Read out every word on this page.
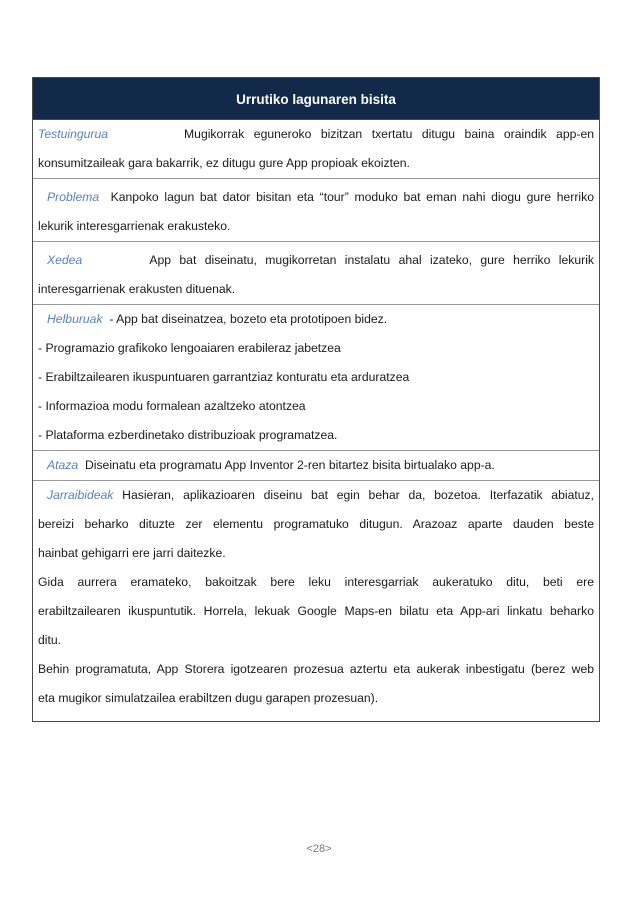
Urrutiko lagunaren bisita
Testuingurua	Mugikorrak eguneroko bizitzan txertatu ditugu baina oraindik app-en
konsumitzaileak gara bakarrik, ez ditugu gure App propioak ekoizten.
Problema Kanpoko lagun bat dator bisitan eta “tour” moduko bat eman nahi diogu gure herriko
lekurik interesgarrienak erakusteko.
Xedea	App bat diseinatu, mugikorretan instalatu ahal izateko, gure herriko lekurik
interesgarrienak erakusten dituenak.
Helburuak - App bat diseinatzea, bozeto eta prototipoen bidez.
- Programazio grafikoko lengoaiaren erabileraz jabetzea
- Erabiltzailearen ikuspuntuaren garrantziaz konturatu eta arduratzea
- Informazioa modu formalean azaltzeko atontzea
- Plataforma ezberdinetako distribuzioak programatzea.
Ataza Diseinatu eta programatu App Inventor 2-ren bitartez bisita birtualako app-a.
Jarraibideak Hasieran, aplikazioaren diseinu bat egin behar da, bozetoa. Iterfazatik abiatuz,
bereizi beharko dituzte zer elementu programatuko ditugun. Arazoaz aparte dauden beste
hainbat gehigarri ere jarri daitezke.
Gida aurrera eramateko, bakoitzak bere leku interesgarriak aukeratuko ditu, beti ere
erabiltzailearen ikuspuntutik. Horrela, lekuak Google Maps-en bilatu eta App-ari linkatu beharko
ditu.
Behin programatuta, App Storera igotzearen prozesua aztertu eta aukerak inbestigatu (berez web
eta mugikor simulatzailea erabiltzen dugu garapen prozesuan).
<28>
